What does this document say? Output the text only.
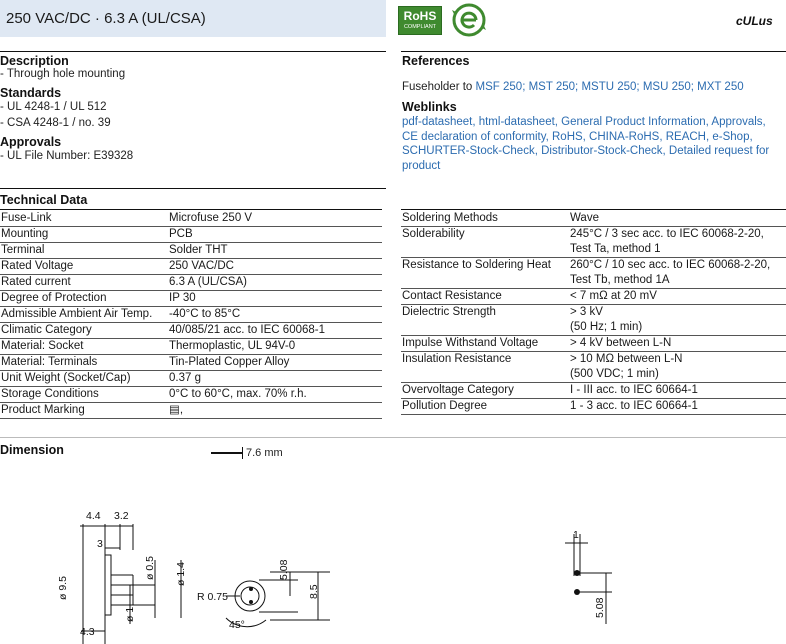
250 VAC/DC · 6.3 A (UL/CSA)	RoHS
COMPLIANT	cULus
Description
- Through hole mounting
Standards
- UL 4248-1 / UL 512
- CSA 4248-1 / no. 39
Approvals
- UL File Number: E39328
References
Fuseholder to MSF 250; MST 250; MSTU 250; MSU 250; MXT 250
Weblinks
pdf-datasheet, html-datasheet, General Product Information, Approvals,
CE declaration of conformity, RoHS, CHINA-RoHS, REACH, e-Shop,
SCHURTER-Stock-Check, Distributor-Stock-Check, Detailed request for
product
Technical Data
Fuse-Link	Microfuse 250 V
Mounting	PCB
Terminal	Solder THT
Rated Voltage	250 VAC/DC
Rated current	6.3 A (UL/CSA)
Degree of Protection	IP 30
Admissible Ambient Air Temp.	-40°C to 85°C
Climatic Category	40/085/21 acc. to IEC 60068-1
Material: Socket	Thermoplastic, UL 94V-0
Material: Terminals	Tin-Plated Copper Alloy
Unit Weight (Socket/Cap)	0.37 g
Storage Conditions	0°C to 60°C, max. 70% r.h.
Product Marking	▤,
Soldering Methods	Wave
Solderability	245°C / 3 sec acc. to IEC 60068-2-20,
Test Ta, method 1
Resistance to Soldering Heat	260°C / 10 sec acc. to IEC 60068-2-20,
Test Tb, method 1A
Contact Resistance	< 7 mΩ at 20 mV
Dielectric Strength	> 3 kV
(50 Hz; 1 min)
Impulse Withstand Voltage	> 4 kV between L-N
Insulation Resistance	> 10 MΩ between L-N
(500 VDC; 1 min)
Overvoltage Category	I - III acc. to IEC 60664-1
Pollution Degree	1 - 3 acc. to IEC 60664-1
Dimension	7.6 mm
4.4 3.2
3
4.3
R 0.75
45°
1
ø 9.5
ø 0.5 ø 1.4
ø 1
5.08
8.5
5.08
